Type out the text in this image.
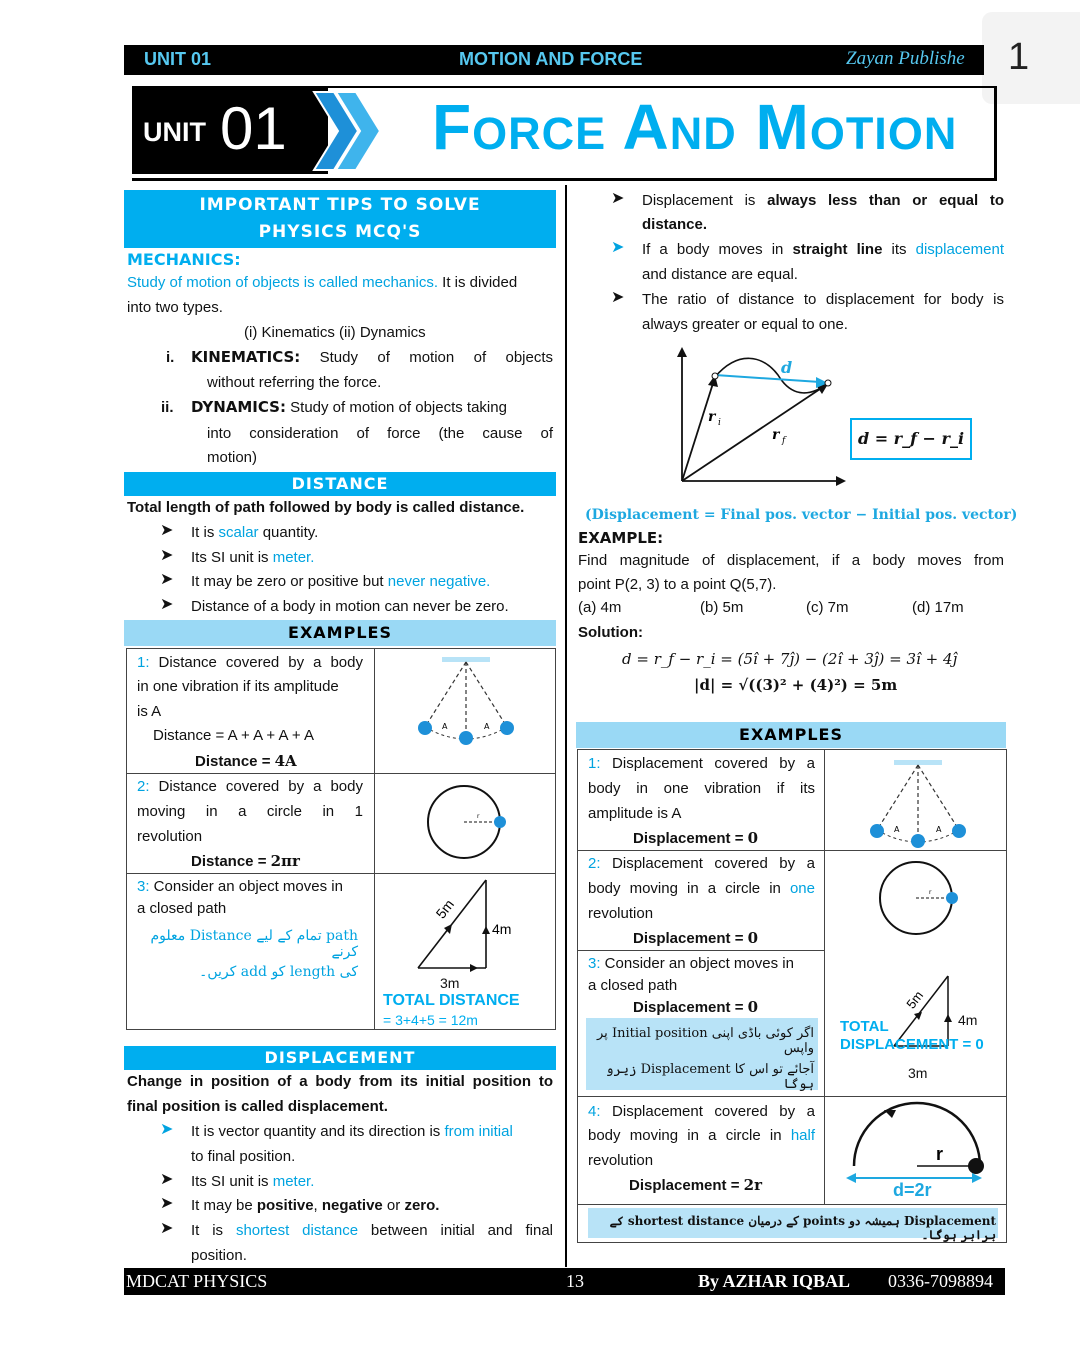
1
UNIT 01	MOTION AND FORCE	Zayan Publishe
UNIT 01 Force And Motion
IMPORTANT TIPS TO SOLVE
PHYSICS MCQ'S
MECHANICS:
Study of motion of objects is called mechanics. It is divided
into two types.
(i) Kinematics (ii) Dynamics
i. KINEMATICS: Study of motion of objects
without referring the force.
ii. DYNAMICS: Study of motion of objects taking
into consideration of force (the cause of
motion)
DISTANCE
Total length of path followed by body is called distance.
➤ It is scalar quantity.
➤ Its SI unit is meter.
➤ It may be zero or positive but never negative.
➤ Distance of a body in motion can never be zero.
EXAMPLES
1: Distance covered by a body
in one vibration if its amplitude
is A
Distance = A + A + A + A
Distance = 4A
A	A
2: Distance covered by a body
moving in a circle in 1
revolution
Distance = 2πr
r
3: Consider an object moves in
a closed path
path تمام کے لیے Distance معلوم کرنے
کی length کو add کریں۔
5m
4m
3m
TOTAL DISTANCE
= 3+4+5 = 12m
DISPLACEMENT
Change in position of a body from its initial position to
final position is called displacement.
➤ It is vector quantity and its direction is from initial
to final position.
➤ Its SI unit is meter.
➤ It may be positive, negative or zero.
➤ It is shortest distance between initial and final
position.
➤ Displacement is always less than or equal to
distance.
➤ If a body moves in straight line its displacement
and distance are equal.
➤ The ratio of distance to displacement for body is
always greater or equal to one.
d
r i
r f	d = r_f − r_i
(Displacement = Final pos. vector − Initial pos. vector)
EXAMPLE:
Find magnitude of displacement, if a body moves from
point P(2, 3) to a point Q(5,7).
(a) 4m	(b) 5m	(c) 7m	(d) 17m
Solution:
d = r_f − r_i = (5î + 7ĵ) − (2î + 3ĵ) = 3î + 4ĵ
|d| = √((3)² + (4)²) = 5m
EXAMPLES
1: Displacement covered by a
body in one vibration if its
amplitude is A
Displacement = 0	A	A
2: Displacement covered by a
body moving in a circle in one
revolution
Displacement = 0
r
3: Consider an object moves in
a closed path
Displacement = 0
اگر کوئی باڈی اپنی Initial position پر واپس
آجائے تو اس کا Displacement زیرو ہوگا
5m
4m
TOTAL
DISPLACEMENT = 0
3m
4: Displacement covered by a
body moving in a circle in half
revolution
Displacement = 2r
r
d=2r
Displacement ہمیشہ دو points کے درمیان shortest distance کے برابر ہوگا۔
MDCAT PHYSICS	13	By AZHAR IQBAL 0336-7098894
